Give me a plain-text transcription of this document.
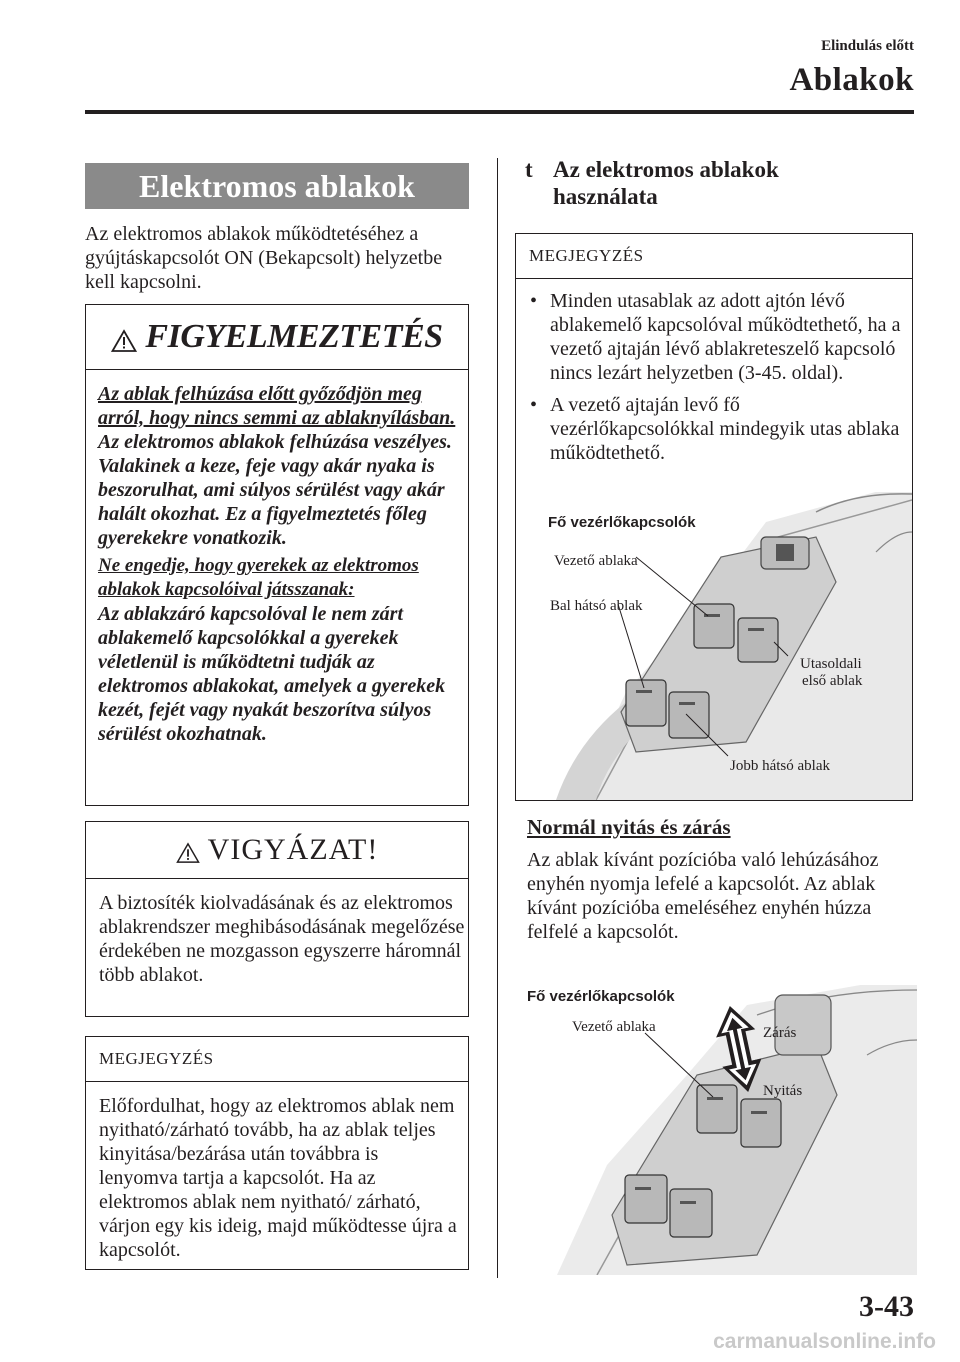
Elindulás előtt
Ablakok
Elektromos ablakok
Az elektromos ablakok működtetéséhez a gyújtáskapcsolót ON (Bekapcsolt) helyzetbe kell kapcsolni.
FIGYELMEZTETÉS
Az ablak felhúzása előtt győződjön meg arról, hogy nincs semmi az ablaknyílásban.
Az elektromos ablakok felhúzása veszélyes. Valakinek a keze, feje vagy akár nyaka is beszorulhat, ami súlyos sérülést vagy akár halált okozhat. Ez a figyelmeztetés főleg gyerekekre vonatkozik.
Ne engedje, hogy gyerekek az elektromos ablakok kapcsolóival játsszanak:
Az ablakzáró kapcsolóval le nem zárt ablakemelő kapcsolókkal a gyerekek véletlenül is működtetni tudják az elektromos ablakokat, amelyek a gyerekek kezét, fejét vagy nyakát beszorítva súlyos sérülést okozhatnak.
VIGYÁZAT!
A biztosíték kiolvadásának és az elektromos ablakrendszer meghibásodásának megelőzése érdekében ne mozgasson egyszerre háromnál több ablakot.
MEGJEGYZÉS
Előfordulhat, hogy az elektromos ablak nem nyitható/zárható tovább, ha az ablak teljes kinyitása/bezárása után továbbra is lenyomva tartja a kapcsolót. Ha az elektromos ablak nem nyitható/ zárható, várjon egy kis ideig, majd működtesse újra a kapcsolót.
t Az elektromos ablakok használata
MEGJEGYZÉS
• Minden utasablak az adott ajtón lévő ablakemelő kapcsolóval működtethető, ha a vezető ajtaján lévő ablakreteszelő kapcsoló nincs lezárt helyzetben (3-45. oldal).
• A vezető ajtaján levő fő vezérlőkapcsolókkal mindegyik utas ablaka működtethető.
Fő vezérlőkapcsolók
Vezető ablaka
Bal hátsó ablak
Utasoldali
első ablak
Jobb hátsó ablak
Normál nyitás és zárás
Az ablak kívánt pozícióba való lehúzásához enyhén nyomja lefelé a kapcsolót. Az ablak kívánt pozícióba emeléséhez enyhén húzza felfelé a kapcsolót.
Fő vezérlőkapcsolók
Vezető ablaka	Zárás
Nyitás
3-43
carmanualsonline.info
